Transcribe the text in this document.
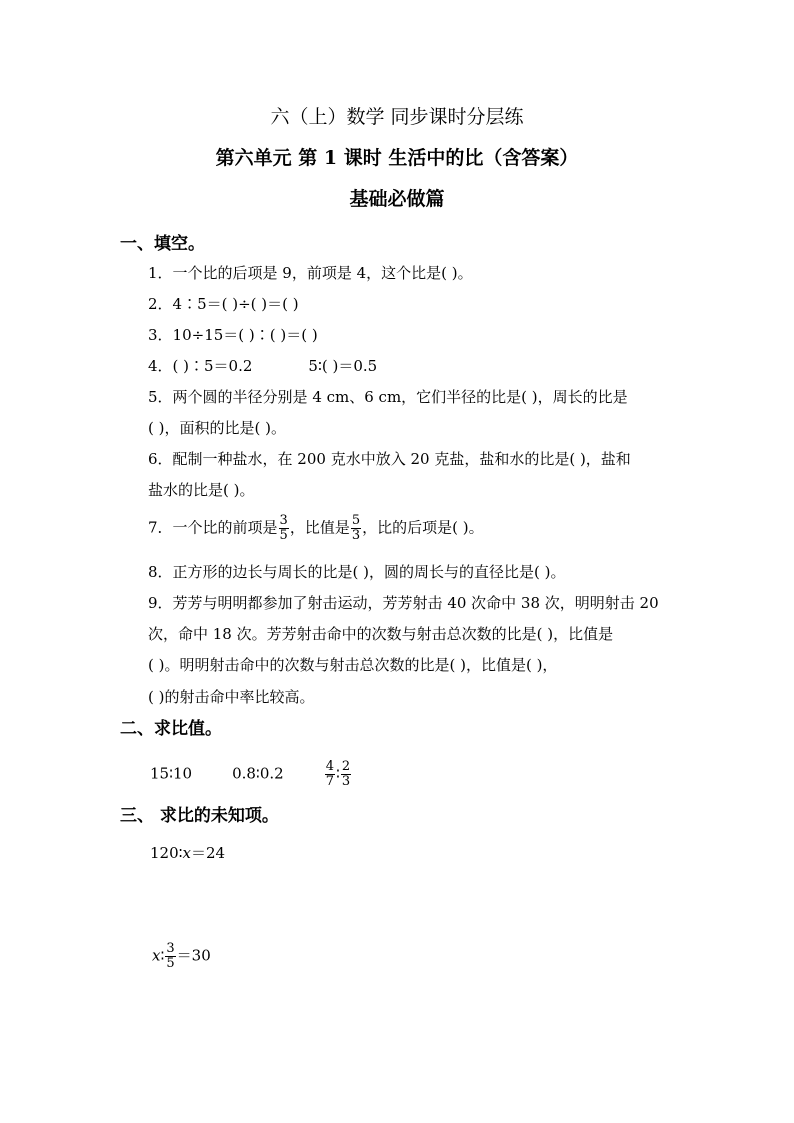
六（上）数学 同步课时分层练
第六单元 第 1 课时 生活中的比（含答案）
基础必做篇
一、填空。
1．一个比的后项是 9，前项是 4，这个比是( )。
2．4∶5＝( )÷( )＝( )
3．10÷15＝( )∶( )＝( )
4．( )∶5＝0.2	5∶( )＝0.5
5．两个圆的半径分别是 4 cm、6 cm，它们半径的比是( )，周长的比是
( )，面积的比是( )。
6．配制一种盐水，在 200 克水中放入 20 克盐，盐和水的比是( )，盐和
盐水的比是( )。
7．一个比的前项是 $\frac{3}{5}$ ，比值是 $\frac{5}{3}$ ，比的后项是( )。
8．正方形的边长与周长的比是( )，圆的周长与的直径比是( )。
9．芳芳与明明都参加了射击运动，芳芳射击 40 次命中 38 次，明明射击 20
次，命中 18 次。芳芳射击命中的次数与射击总次数的比是( )，比值是
( )。明明射击命中的次数与射击总次数的比是( )，比值是( )，
( )的射击命中率比较高。
二、求比值。
15∶10	0.8∶0.2	$\frac{4}{7}$ ∶ $\frac{2}{3}$
三、 求比的未知项。
120∶x＝24
x∶ $\frac{3}{5} =30$
